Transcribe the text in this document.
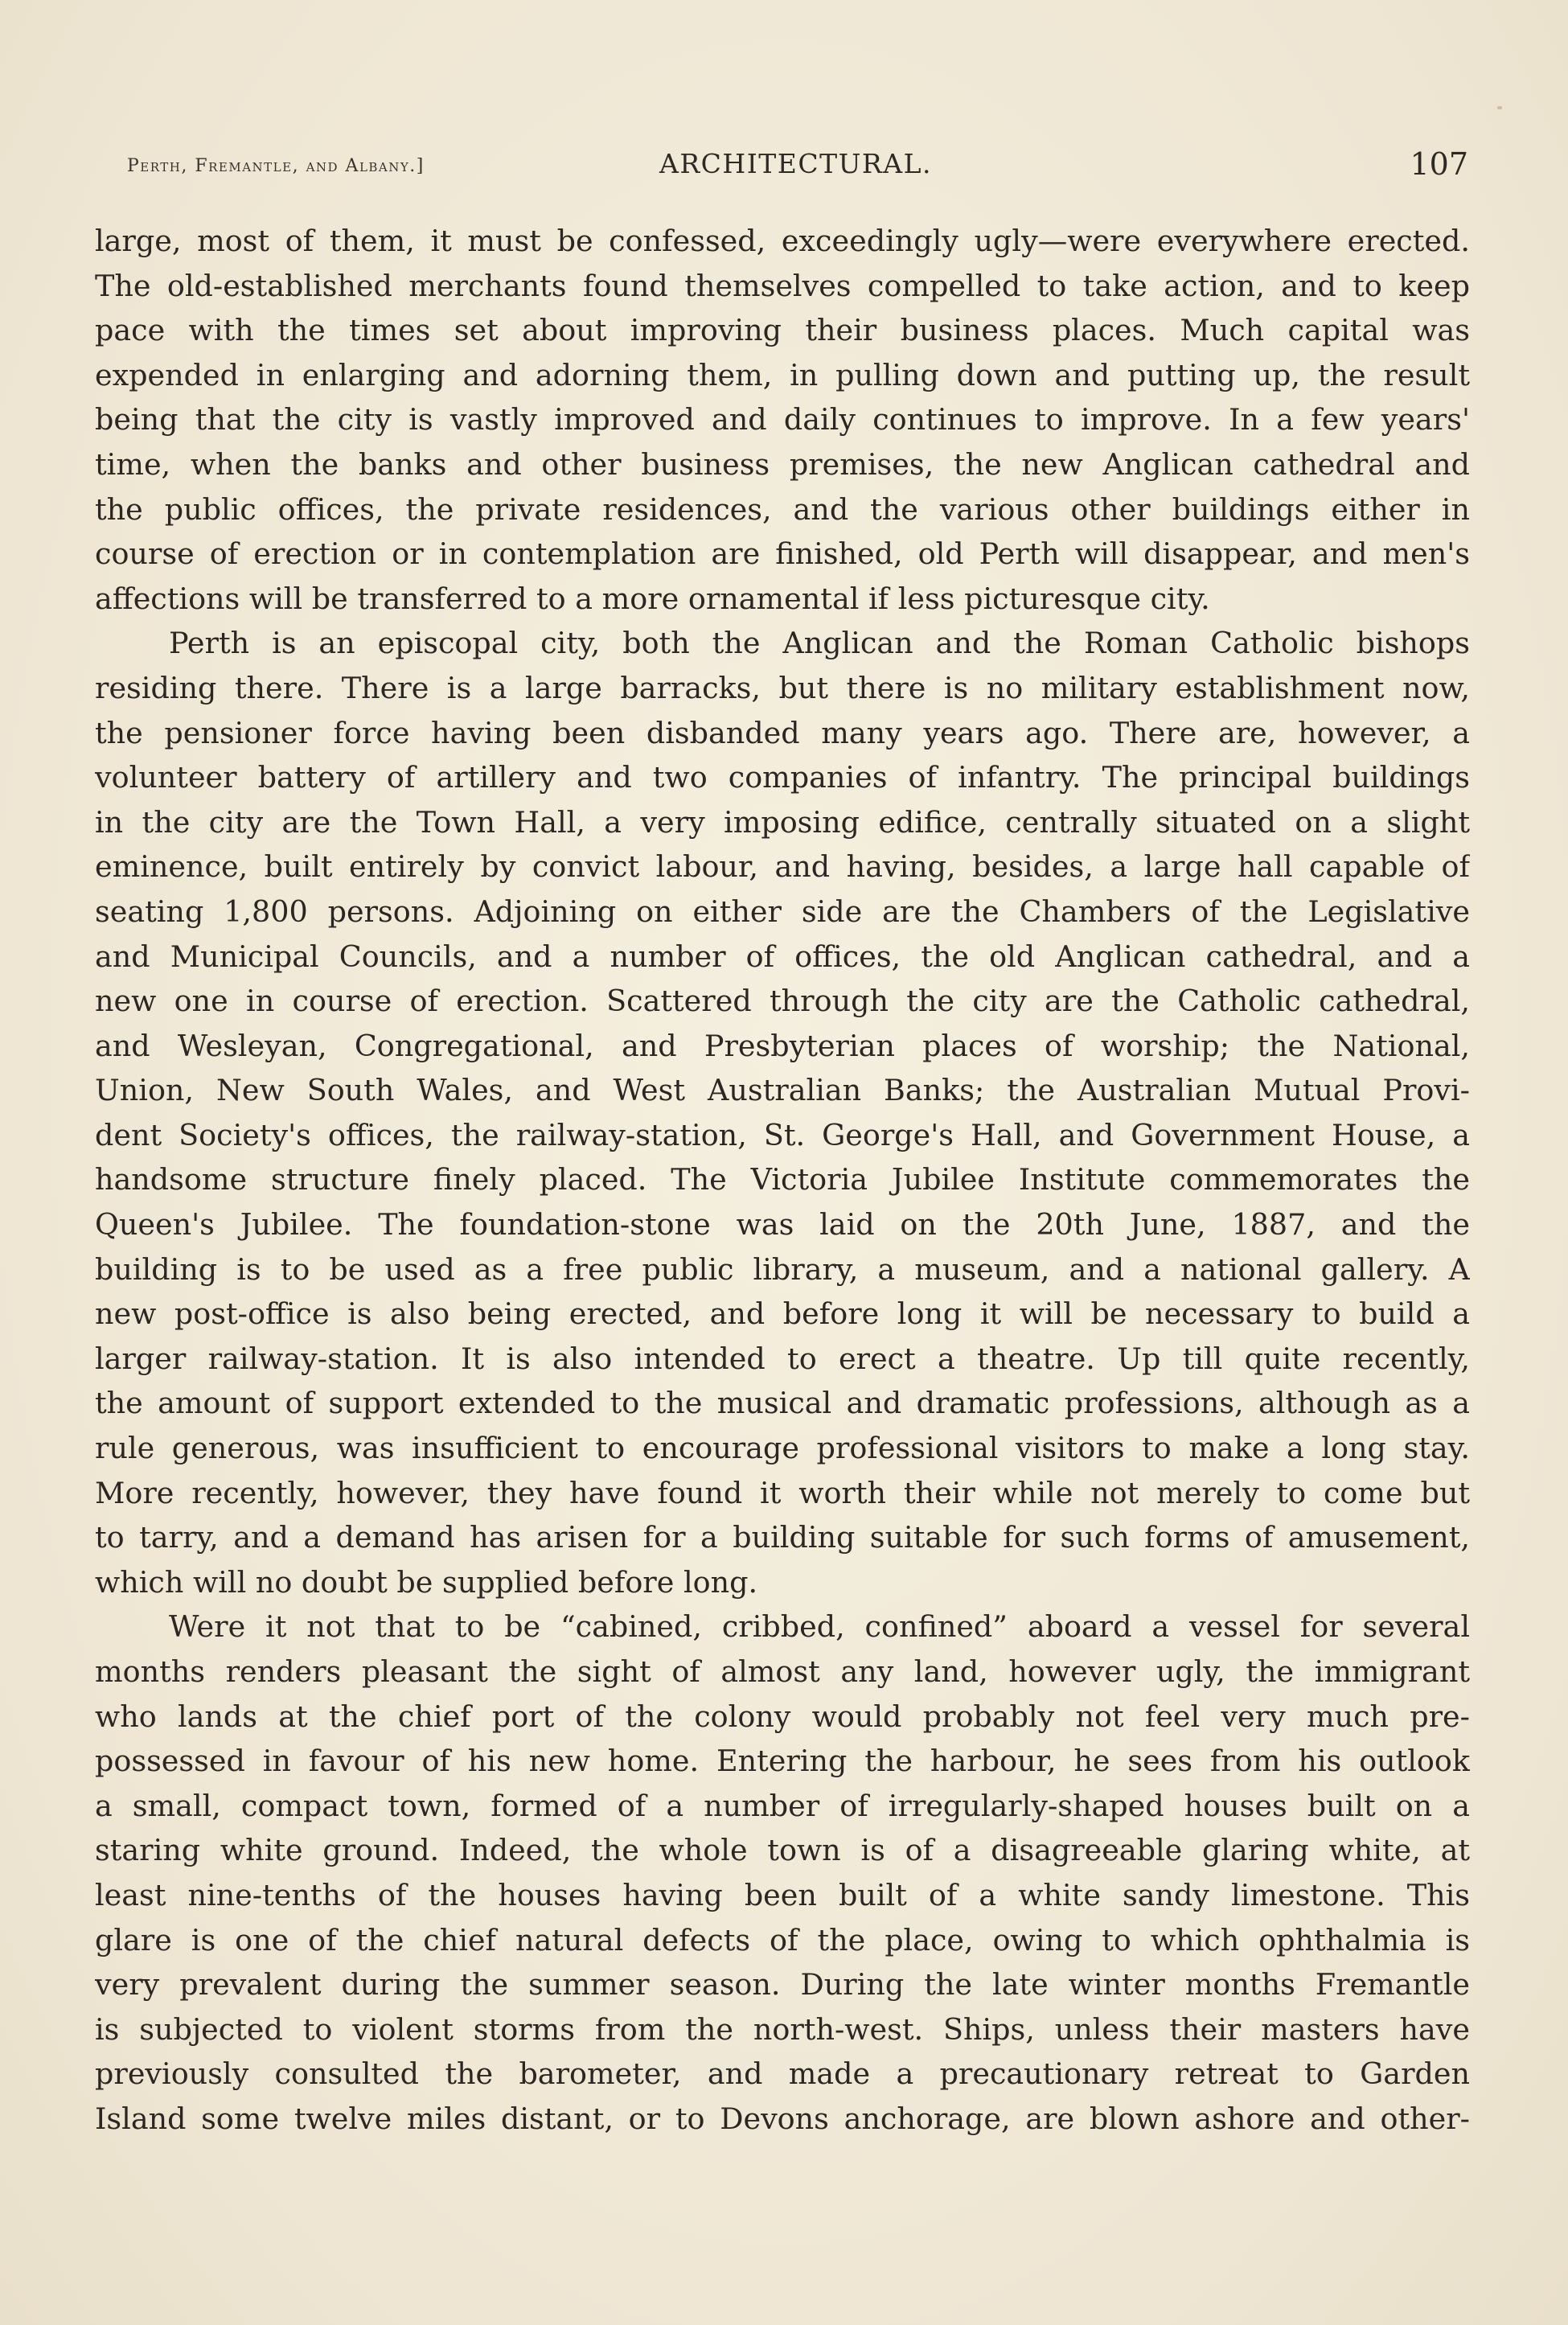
Perth, Fremantle, and Albany.]	ARCHITECTURAL.	107
large, most of them, it must be confessed, exceedingly ugly—were everywhere erected.
The old-established merchants found themselves compelled to take action, and to keep
pace with the times set about improving their business places. Much capital was
expended in enlarging and adorning them, in pulling down and putting up, the result
being that the city is vastly improved and daily continues to improve. In a few years'
time, when the banks and other business premises, the new Anglican cathedral and
the public offices, the private residences, and the various other buildings either in
course of erection or in contemplation are finished, old Perth will disappear, and men's
affections will be transferred to a more ornamental if less picturesque city.
Perth is an episcopal city, both the Anglican and the Roman Catholic bishops
residing there. There is a large barracks, but there is no military establishment now,
the pensioner force having been disbanded many years ago. There are, however, a
volunteer battery of artillery and two companies of infantry. The principal buildings
in the city are the Town Hall, a very imposing edifice, centrally situated on a slight
eminence, built entirely by convict labour, and having, besides, a large hall capable of
seating 1,800 persons. Adjoining on either side are the Chambers of the Legislative
and Municipal Councils, and a number of offices, the old Anglican cathedral, and a
new one in course of erection. Scattered through the city are the Catholic cathedral,
and Wesleyan, Congregational, and Presbyterian places of worship; the National,
Union, New South Wales, and West Australian Banks; the Australian Mutual Provi-
dent Society's offices, the railway-station, St. George's Hall, and Government House, a
handsome structure finely placed. The Victoria Jubilee Institute commemorates the
Queen's Jubilee. The foundation-stone was laid on the 20th June, 1887, and the
building is to be used as a free public library, a museum, and a national gallery. A
new post-office is also being erected, and before long it will be necessary to build a
larger railway-station. It is also intended to erect a theatre. Up till quite recently,
the amount of support extended to the musical and dramatic professions, although as a
rule generous, was insufficient to encourage professional visitors to make a long stay.
More recently, however, they have found it worth their while not merely to come but
to tarry, and a demand has arisen for a building suitable for such forms of amusement,
which will no doubt be supplied before long.
Were it not that to be “cabined, cribbed, confined” aboard a vessel for several
months renders pleasant the sight of almost any land, however ugly, the immigrant
who lands at the chief port of the colony would probably not feel very much pre-
possessed in favour of his new home. Entering the harbour, he sees from his outlook
a small, compact town, formed of a number of irregularly-shaped houses built on a
staring white ground. Indeed, the whole town is of a disagreeable glaring white, at
least nine-tenths of the houses having been built of a white sandy limestone. This
glare is one of the chief natural defects of the place, owing to which ophthalmia is
very prevalent during the summer season. During the late winter months Fremantle
is subjected to violent storms from the north-west. Ships, unless their masters have
previously consulted the barometer, and made a precautionary retreat to Garden
Island some twelve miles distant, or to Devons anchorage, are blown ashore and other-
